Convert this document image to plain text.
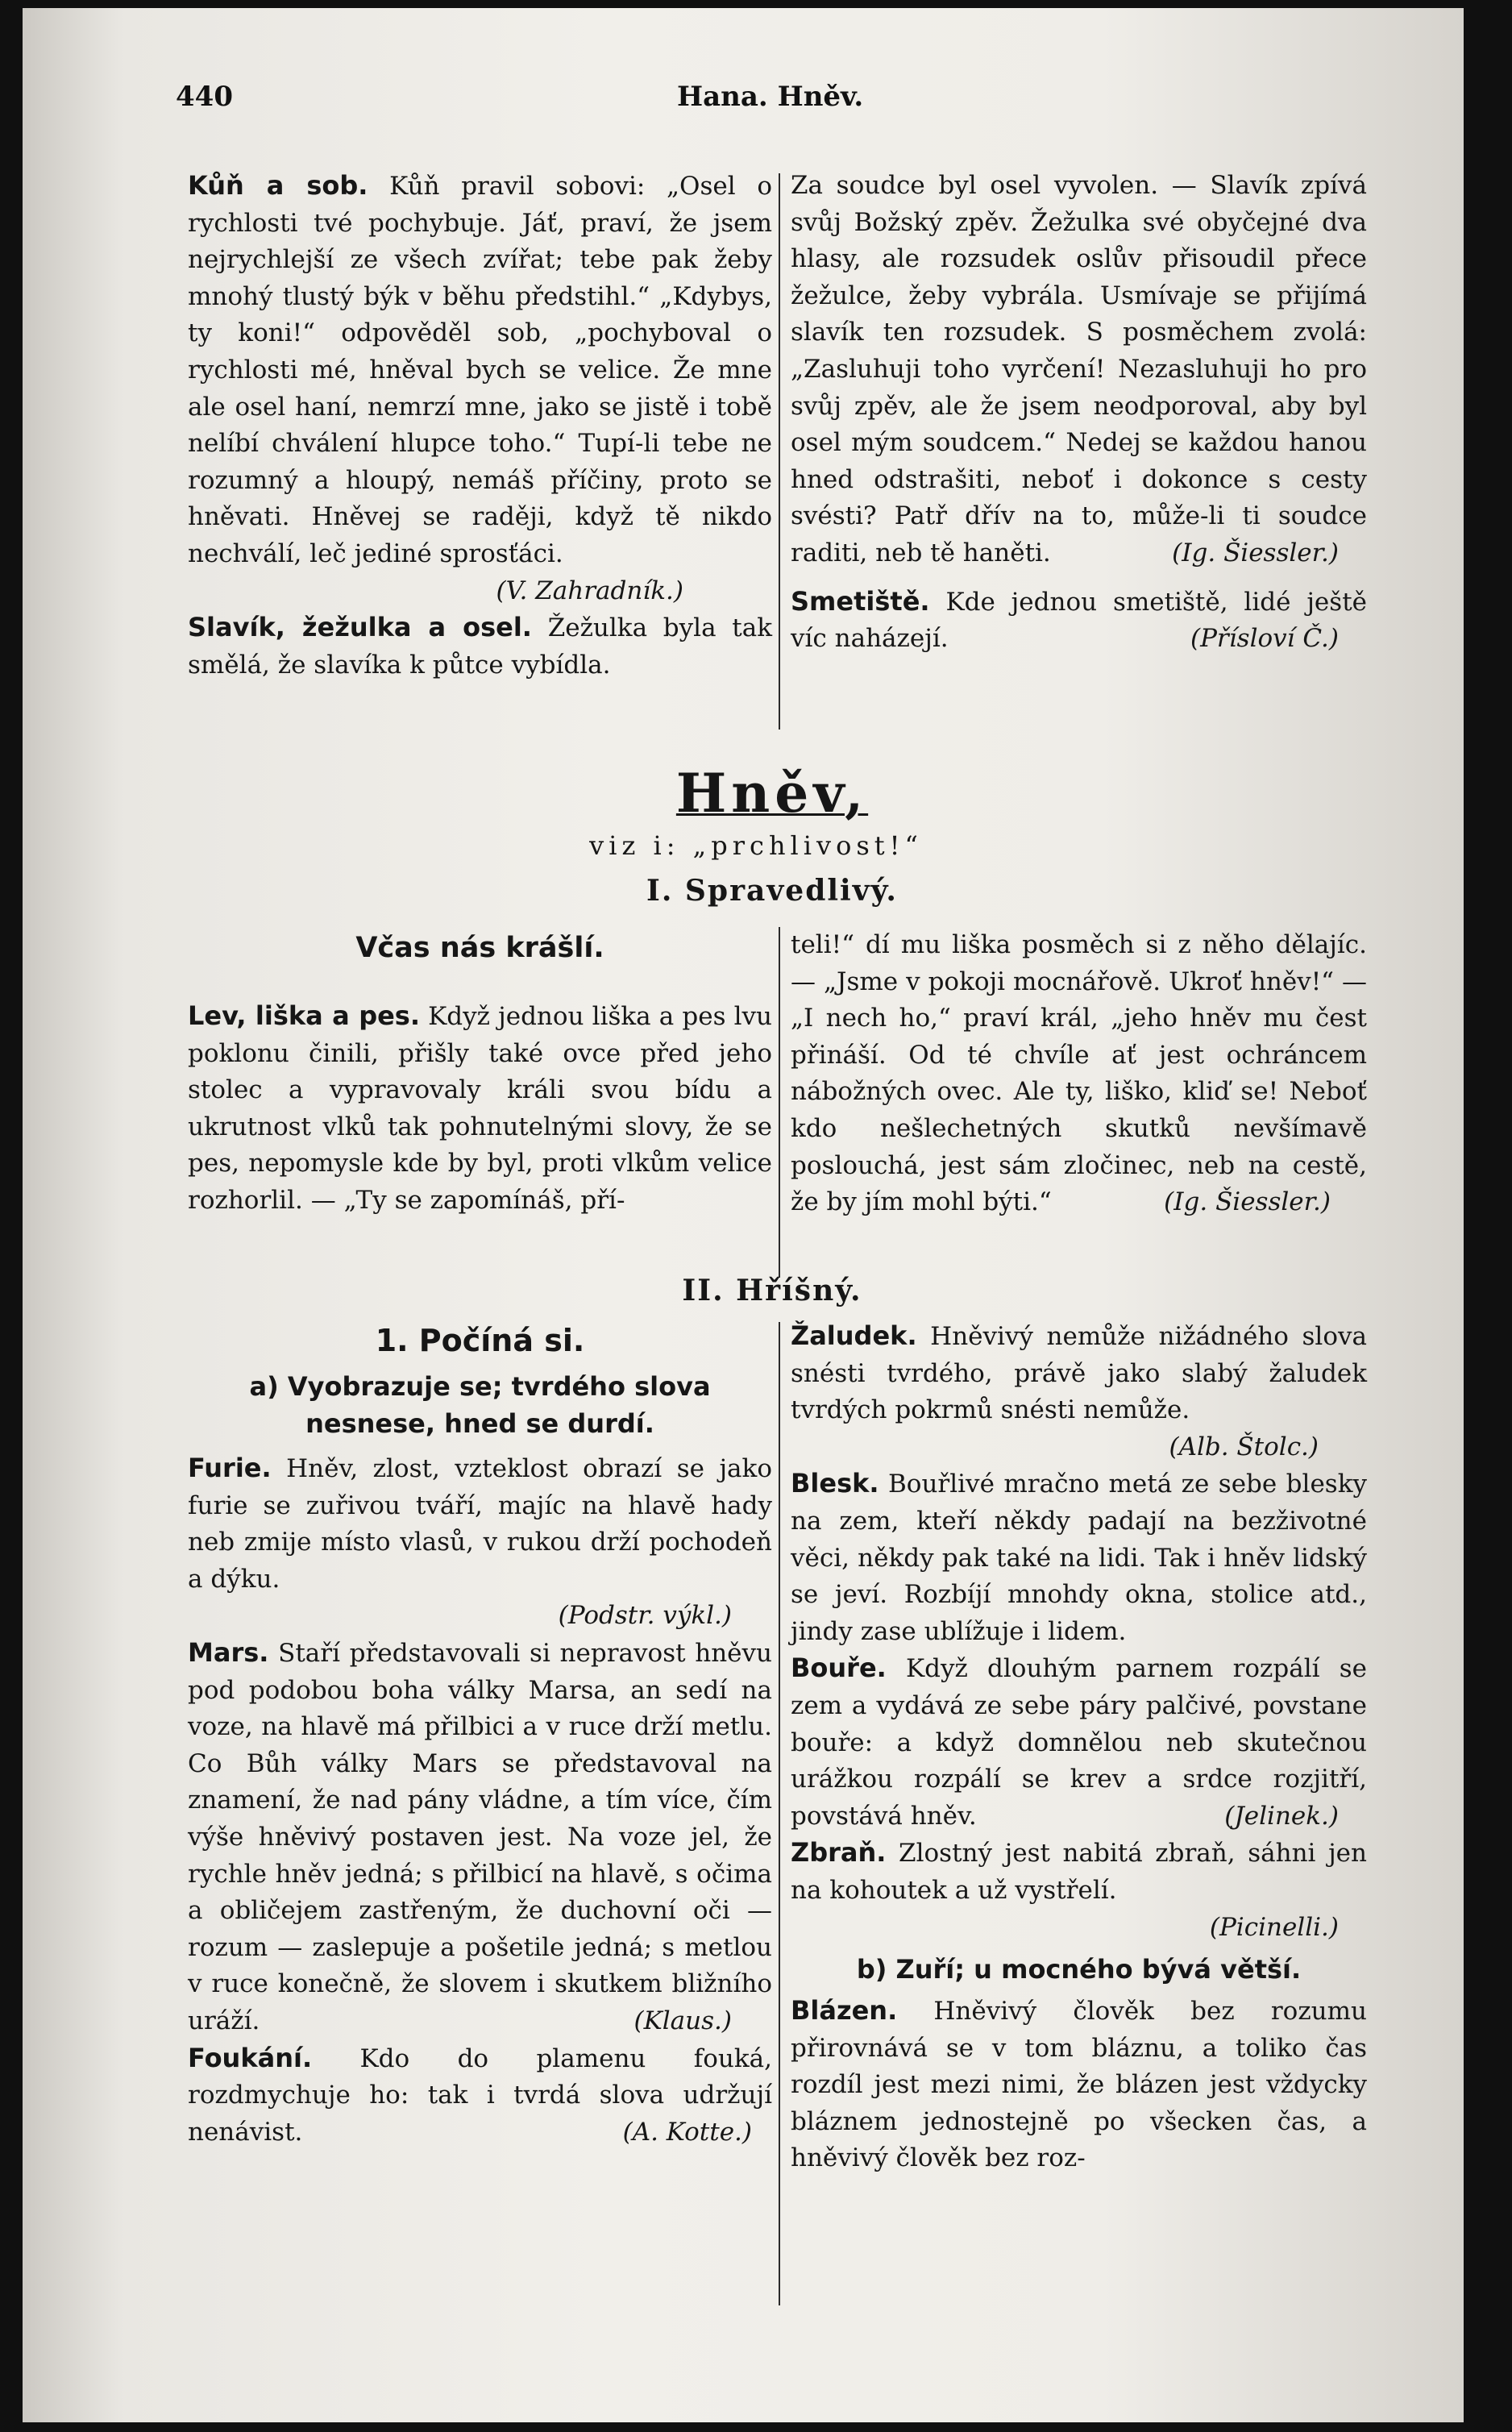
440	Hana. Hněv.

Kůň a sob. Kůň pravil sobovi: „Osel o rychlosti tvé pochybuje. Jáť, praví, že jsem nejrychlejší ze všech zvířat; tebe pak žeby mnohý tlustý býk v běhu předstihl.“ „Kdybys, ty koni!“ odpověděl sob, „pochyboval o rychlosti mé, hněval bych se velice. Že mne ale osel haní, nemrzí mne, jako se jistě i tobě nelíbí chválení hlupce toho.“ Tupí-li tebe ne rozumný a hloupý, nemáš příčiny, proto se hněvati. Hněvej se raději, když tě nikdo nechválí, leč jediné sprosťáci.

(V. Zahradník.)

Slavík, žežulka a osel. Žežulka byla tak smělá, že slavíka k půtce vybídla.

Za soudce byl osel vyvolen. — Slavík zpívá svůj Božský zpěv. Žežulka své obyčejné dva hlasy, ale rozsudek oslův přisoudil přece žežulce, žeby vybrála. Usmívaje se přijímá slavík ten rozsudek. S posměchem zvolá: „Zasluhuji toho vyrčení! Nezasluhuji ho pro svůj zpěv, ale že jsem neodporoval, aby byl osel mým soudcem.“ Nedej se každou hanou hned odstrašiti, neboť i dokonce s cesty svésti? Patř dřív na to, může-li ti soudce raditi, neb tě haněti.	(Ig. Šiessler.)

Smetiště. Kde jednou smetiště, lidé ještě víc naházejí.	(Přísloví Č.)

Hněv,
viz i: „prchlivost!“
I. Spravedlivý.
Včas nás krášlí.

Lev, liška a pes. Když jednou liška a pes lvu poklonu činili, přišly také ovce před jeho stolec a vypravovaly králi svou bídu a ukrutnost vlků tak pohnutelnými slovy, že se pes, nepomysle kde by byl, proti vlkům velice rozhorlil. — „Ty se zapomínáš, pří-

teli!“ dí mu liška posměch si z něho dělajíc. — „Jsme v pokoji mocnářově. Ukroť hněv!“ — „I nech ho,“ praví král, „jeho hněv mu čest přináší. Od té chvíle ať jest ochráncem nábožných ovec. Ale ty, liško, kliď se! Neboť kdo nešlechetných skutků nevšímavě poslouchá, jest sám zločinec, neb na cestě, že by jím mohl býti.“	(Ig. Šiessler.)

II. Hříšný.

1. Počíná si.

a) Vyobrazuje se; tvrdého slova nesnese, hned se durdí.

Furie. Hněv, zlost, vzteklost obrazí se jako furie se zuřivou tváří, majíc na hlavě hady neb zmije místo vlasů, v rukou drží pochodeň a dýku.

(Podstr. výkl.)

Mars. Staří představovali si nepravost hněvu pod podobou boha války Marsa, an sedí na voze, na hlavě má přilbici a v ruce drží metlu. Co Bůh války Mars se představoval na znamení, že nad pány vládne, a tím více, čím výše hněvivý postaven jest. Na voze jel, že rychle hněv jedná; s přilbicí na hlavě, s očima a obličejem zastřeným, že duchovní oči — rozum — zaslepuje a pošetile jedná; s metlou v ruce konečně, že slovem i skutkem bližního uráží.	(Klaus.)

Foukání. Kdo do plamenu fouká, rozdmychuje ho: tak i tvrdá slova udržují nenávist.	(A. Kotte.)

Žaludek. Hněvivý nemůže nižádného slova snésti tvrdého, právě jako slabý žaludek tvrdých pokrmů snésti nemůže.

(Alb. Štolc.)

Blesk. Bouřlivé mračno metá ze sebe blesky na zem, kteří někdy padají na bezživotné věci, někdy pak také na lidi. Tak i hněv lidský se jeví. Rozbíjí mnohdy okna, stolice atd., jindy zase ublížuje i lidem.

Bouře. Když dlouhým parnem rozpálí se zem a vydává ze sebe páry palčivé, povstane bouře: a když domnělou neb skutečnou urážkou rozpálí se krev a srdce rozjitří, povstává hněv.	(Jelinek.)

Zbraň. Zlostný jest nabitá zbraň, sáhni jen na kohoutek a už vystřelí.

(Picinelli.)

b) Zuří; u mocného bývá větší.

Blázen. Hněvivý člověk bez rozumu přirovnává se v tom bláznu, a toliko čas rozdíl jest mezi nimi, že blázen jest vždycky bláznem jednostejně po všecken čas, a hněvivý člověk bez roz-
